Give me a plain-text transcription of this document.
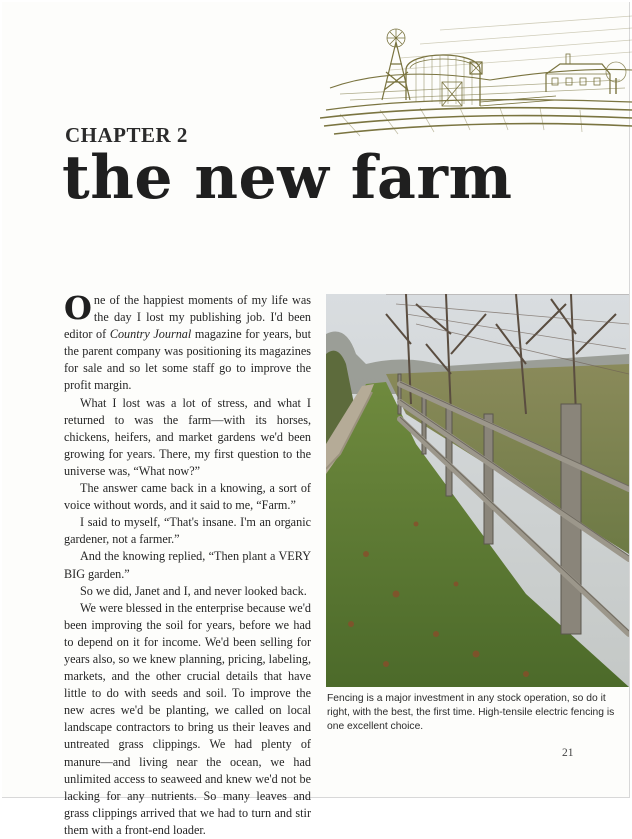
CHAPTER 2
the new farm

One of the happiest moments of my life was the day I lost my publishing job. I'd been editor of Country Journal magazine for years, but the parent company was positioning its magazines for sale and so let some staff go to improve the profit margin.

What I lost was a lot of stress, and what I returned to was the farm—with its horses, chickens, heifers, and market gardens we'd been growing for years. There, my first question to the universe was, “What now?”

The answer came back in a knowing, a sort of voice without words, and it said to me, “Farm.”

I said to myself, “That's insane. I'm an organic gardener, not a farmer.”

And the knowing replied, “Then plant a VERY BIG garden.”

So we did, Janet and I, and never looked back.

We were blessed in the enterprise because we'd been improving the soil for years, before we had to depend on it for income. We'd been selling for years also, so we knew planning, pricing, labeling, markets, and the other crucial details that have little to do with seeds and soil. To improve the new acres we'd be planting, we called on local landscape contractors to bring us their leaves and untreated grass clippings. We had plenty of manure—and living near the ocean, we had unlimited access to seaweed and knew we'd not be lacking for any nutrients. So many leaves and grass clippings arrived that we had to turn and stir them with a front-end loader.

Fencing is a major investment in any stock operation, so do it right, with the best, the first time. High-tensile electric fencing is one excellent choice.

21
